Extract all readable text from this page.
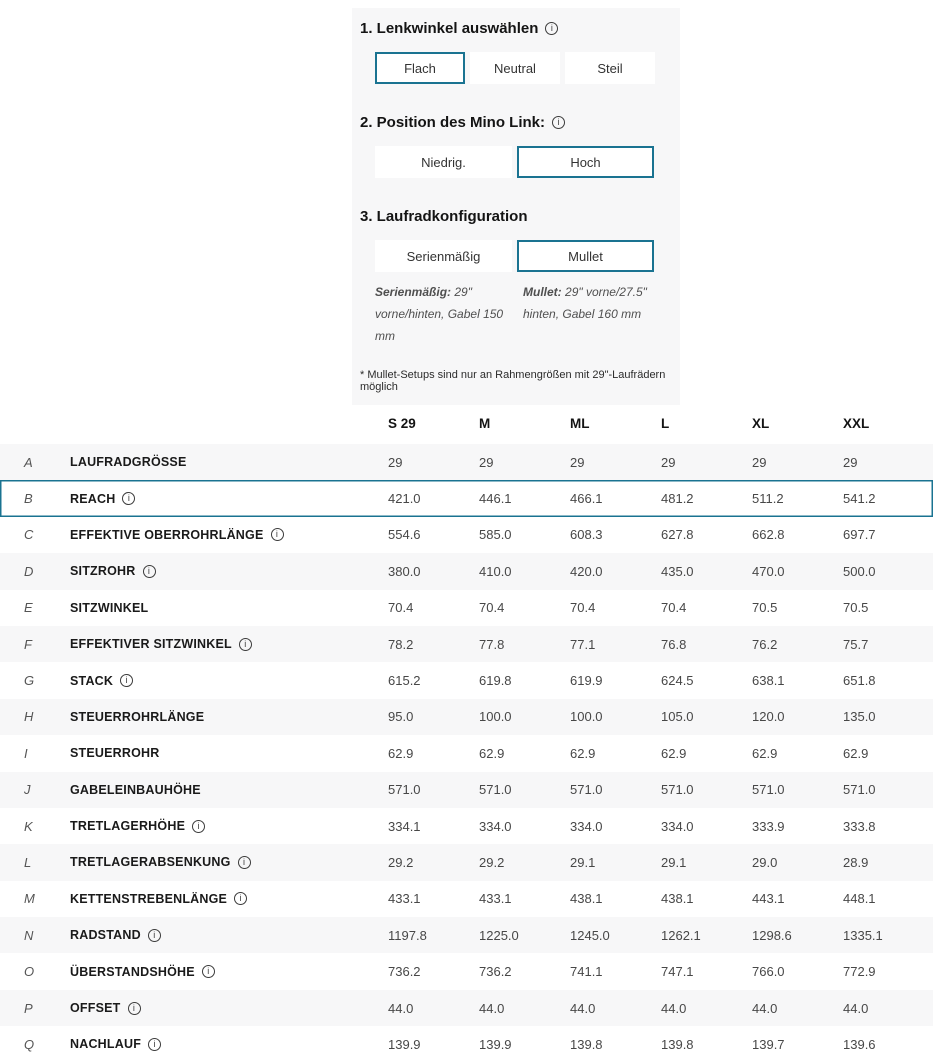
1. Lenkwinkel auswählen	i
Flach	Neutral	Steil
2. Position des Mino Link:	i
Niedrig.	Hoch
3. Laufradkonfiguration
Serienmäßig	Mullet
Serienmäßig: 29" vorne/hinten, Gabel 150 mm
Mullet: 29" vorne/27.5" hinten, Gabel 160 mm
* Mullet-Setups sind nur an Rahmengrößen mit 29"-Laufrädern möglich
S 29	M	ML	L	XL	XXL
A	LAUFRADGRÖSSE	29	29	29	29	29	29
B	REACH	i	421.0	446.1	466.1	481.2	511.2	541.2
C	EFFEKTIVE OBERROHRLÄNGE	i	554.6	585.0	608.3	627.8	662.8	697.7
D	SITZROHR	i	380.0	410.0	420.0	435.0	470.0	500.0
E	SITZWINKEL	70.4	70.4	70.4	70.4	70.5	70.5
F	EFFEKTIVER SITZWINKEL	i	78.2	77.8	77.1	76.8	76.2	75.7
G	STACK	i	615.2	619.8	619.9	624.5	638.1	651.8
H	STEUERROHRLÄNGE	95.0	100.0	100.0	105.0	120.0	135.0
I	STEUERROHR	62.9	62.9	62.9	62.9	62.9	62.9
J	GABELEINBAUHÖHE	571.0	571.0	571.0	571.0	571.0	571.0
K	TRETLAGERHÖHE	i	334.1	334.0	334.0	334.0	333.9	333.8
L	TRETLAGERABSENKUNG	i	29.2	29.2	29.1	29.1	29.0	28.9
M	KETTENSTREBENLÄNGE	i	433.1	433.1	438.1	438.1	443.1	448.1
N	RADSTAND	i	1197.8	1225.0	1245.0	1262.1	1298.6	1335.1
O	ÜBERSTANDSHÖHE	i	736.2	736.2	741.1	747.1	766.0	772.9
P	OFFSET	i	44.0	44.0	44.0	44.0	44.0	44.0
Q	NACHLAUF	i	139.9	139.9	139.8	139.8	139.7	139.6
